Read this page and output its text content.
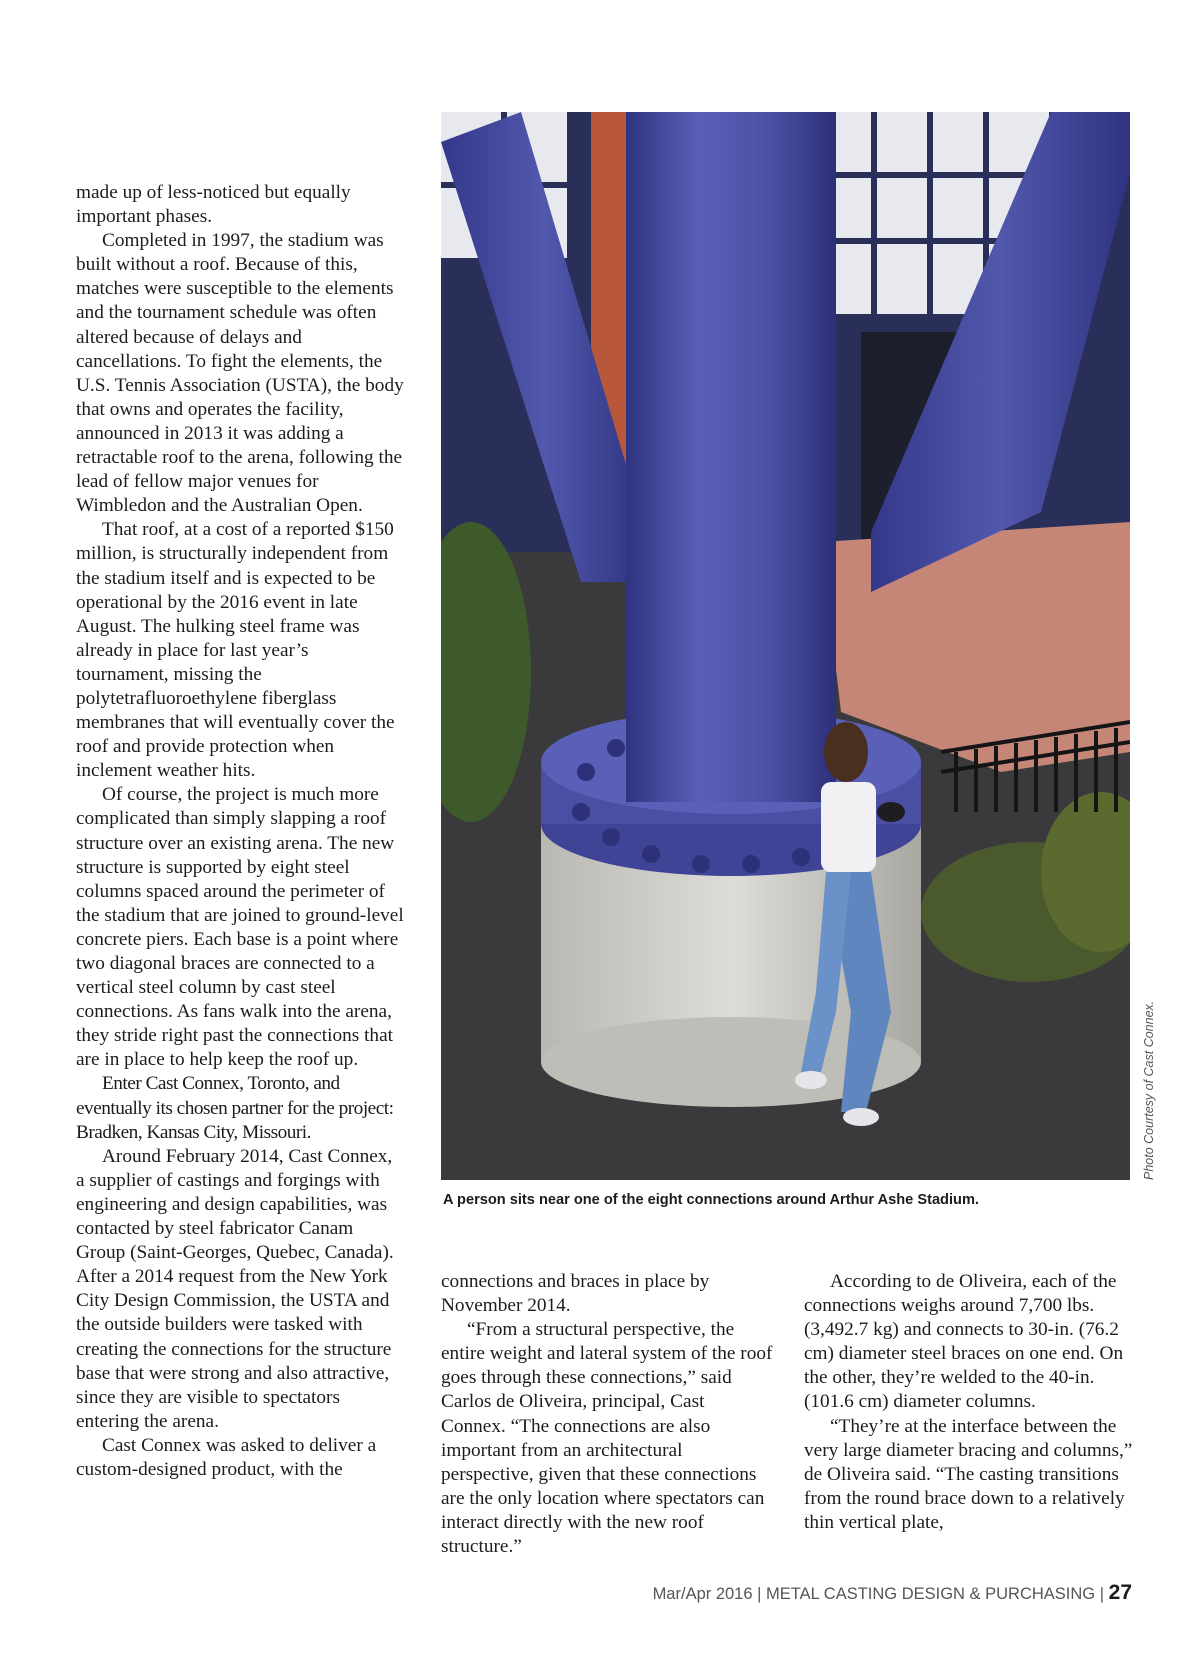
made up of less-noticed but equally important phases.

Completed in 1997, the stadium was built without a roof. Because of this, matches were susceptible to the elements and the tournament schedule was often altered because of delays and cancellations. To fight the elements, the U.S. Tennis Association (USTA), the body that owns and operates the facility, announced in 2013 it was adding a retractable roof to the arena, following the lead of fellow major venues for Wimbledon and the Australian Open.

That roof, at a cost of a reported $150 million, is structurally independent from the stadium itself and is expected to be operational by the 2016 event in late August. The hulking steel frame was already in place for last year’s tournament, missing the polytetrafluoroethylene fiberglass membranes that will eventually cover the roof and provide protection when inclement weather hits.

Of course, the project is much more complicated than simply slapping a roof structure over an existing arena. The new structure is supported by eight steel columns spaced around the perimeter of the stadium that are joined to ground-level concrete piers. Each base is a point where two diagonal braces are connected to a vertical steel column by cast steel connections. As fans walk into the arena, they stride right past the connections that are in place to help keep the roof up.

Enter Cast Connex, Toronto, and eventually its chosen partner for the project: Bradken, Kansas City, Missouri.

Around February 2014, Cast Connex, a supplier of castings and forgings with engineering and design capabilities, was contacted by steel fabricator Canam Group (Saint-Georges, Quebec, Canada). After a 2014 request from the New York City Design Commission, the USTA and the outside builders were tasked with creating the connections for the structure base that were strong and also attractive, since they are visible to spectators entering the arena.

Cast Connex was asked to deliver a custom-designed product, with the

Photo Courtesy of Cast Connex.
A person sits near one of the eight connections around Arthur Ashe Stadium.

connections and braces in place by November 2014.

“From a structural perspective, the entire weight and lateral system of the roof goes through these connections,” said Carlos de Oliveira, principal, Cast Connex. “The connections are also important from an architectural perspective, given that these connections are the only location where spectators can interact directly with the new roof structure.”

According to de Oliveira, each of the connections weighs around 7,700 lbs. (3,492.7 kg) and connects to 30-in. (76.2 cm) diameter steel braces on one end. On the other, they’re welded to the 40-in. (101.6 cm) diameter columns.

“They’re at the interface between the very large diameter bracing and columns,” de Oliveira said. “The casting transitions from the round brace down to a relatively thin vertical plate,

Mar/Apr 2016 | METAL CASTING DESIGN & PURCHASING | 27
